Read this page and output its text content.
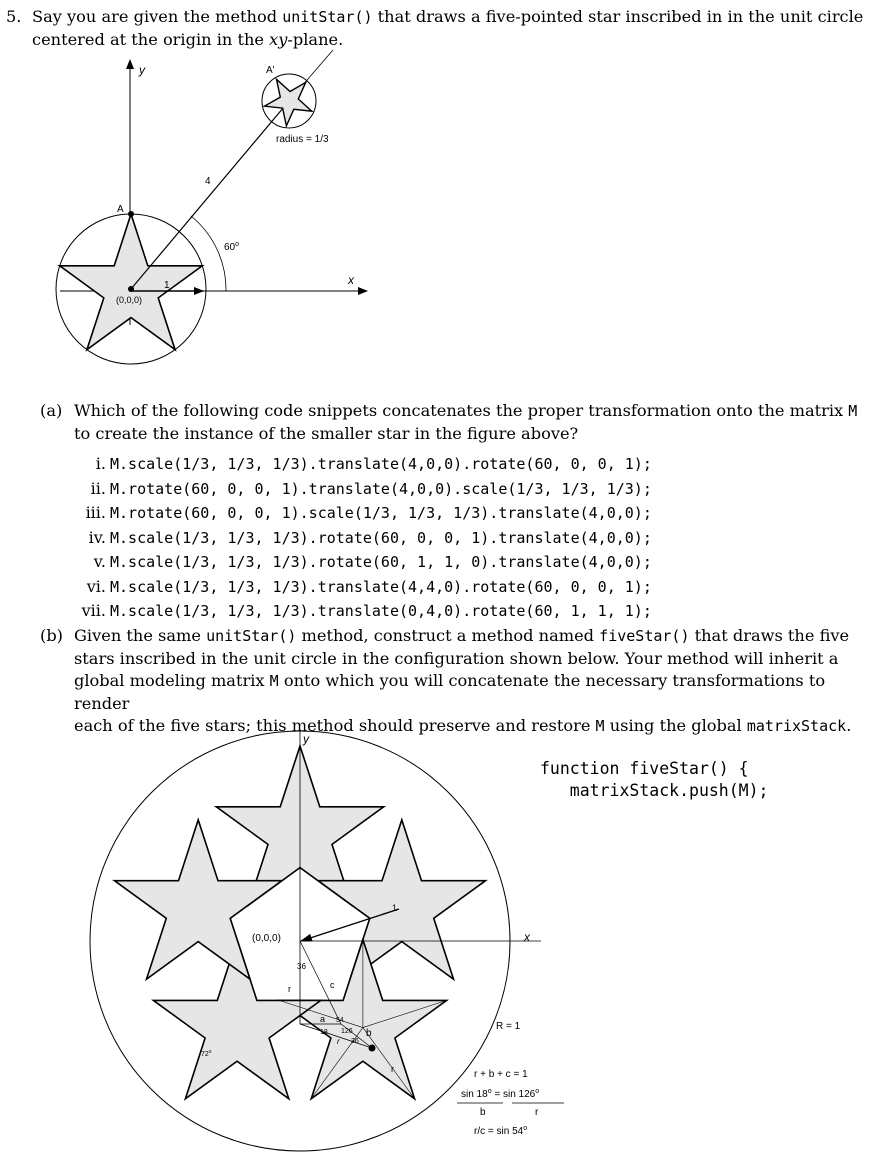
5. Say you are given the method unitStar() that draws a five-pointed star inscribed in in the unit circle
centered at the origin in the xy-plane.
y
x
A'
A
radius = 1/3
4
60$^o$
1
(0,0,0)
(a) Which of the following code snippets concatenates the proper transformation onto the matrix M
to create the instance of the smaller star in the figure above?
i. M.scale(1/3, 1/3, 1/3).translate(4,0,0).rotate(60, 0, 0, 1);
ii. M.rotate(60, 0, 0, 1).translate(4,0,0).scale(1/3, 1/3, 1/3);
iii. M.rotate(60, 0, 0, 1).scale(1/3, 1/3, 1/3).translate(4,0,0);
iv. M.scale(1/3, 1/3, 1/3).rotate(60, 0, 0, 1).translate(4,0,0);
v. M.scale(1/3, 1/3, 1/3).rotate(60, 1, 1, 0).translate(4,0,0);
vi. M.scale(1/3, 1/3, 1/3).translate(4,4,0).rotate(60, 0, 0, 1);
vii. M.scale(1/3, 1/3, 1/3).translate(0,4,0).rotate(60, 1, 1, 1);
(b) Given the same unitStar() method, construct a method named fiveStar() that draws the five
stars inscribed in the unit circle in the configuration shown below. Your method will inherit a
global modeling matrix M onto which you will concatenate the necessary transformations to render
each of the five stars; this method should preserve and restore M using the global matrixStack.
function fiveStar() {
matrixStack.push(M);
y
x
(0,0,0)
1
36
r	c
a 54
18 126
r 36
b
r
72$^o$
R = 1
r + b + c = 1
$\sin 18^o = \sin 126^o$
b	r
r/c = sin 54$^o$
